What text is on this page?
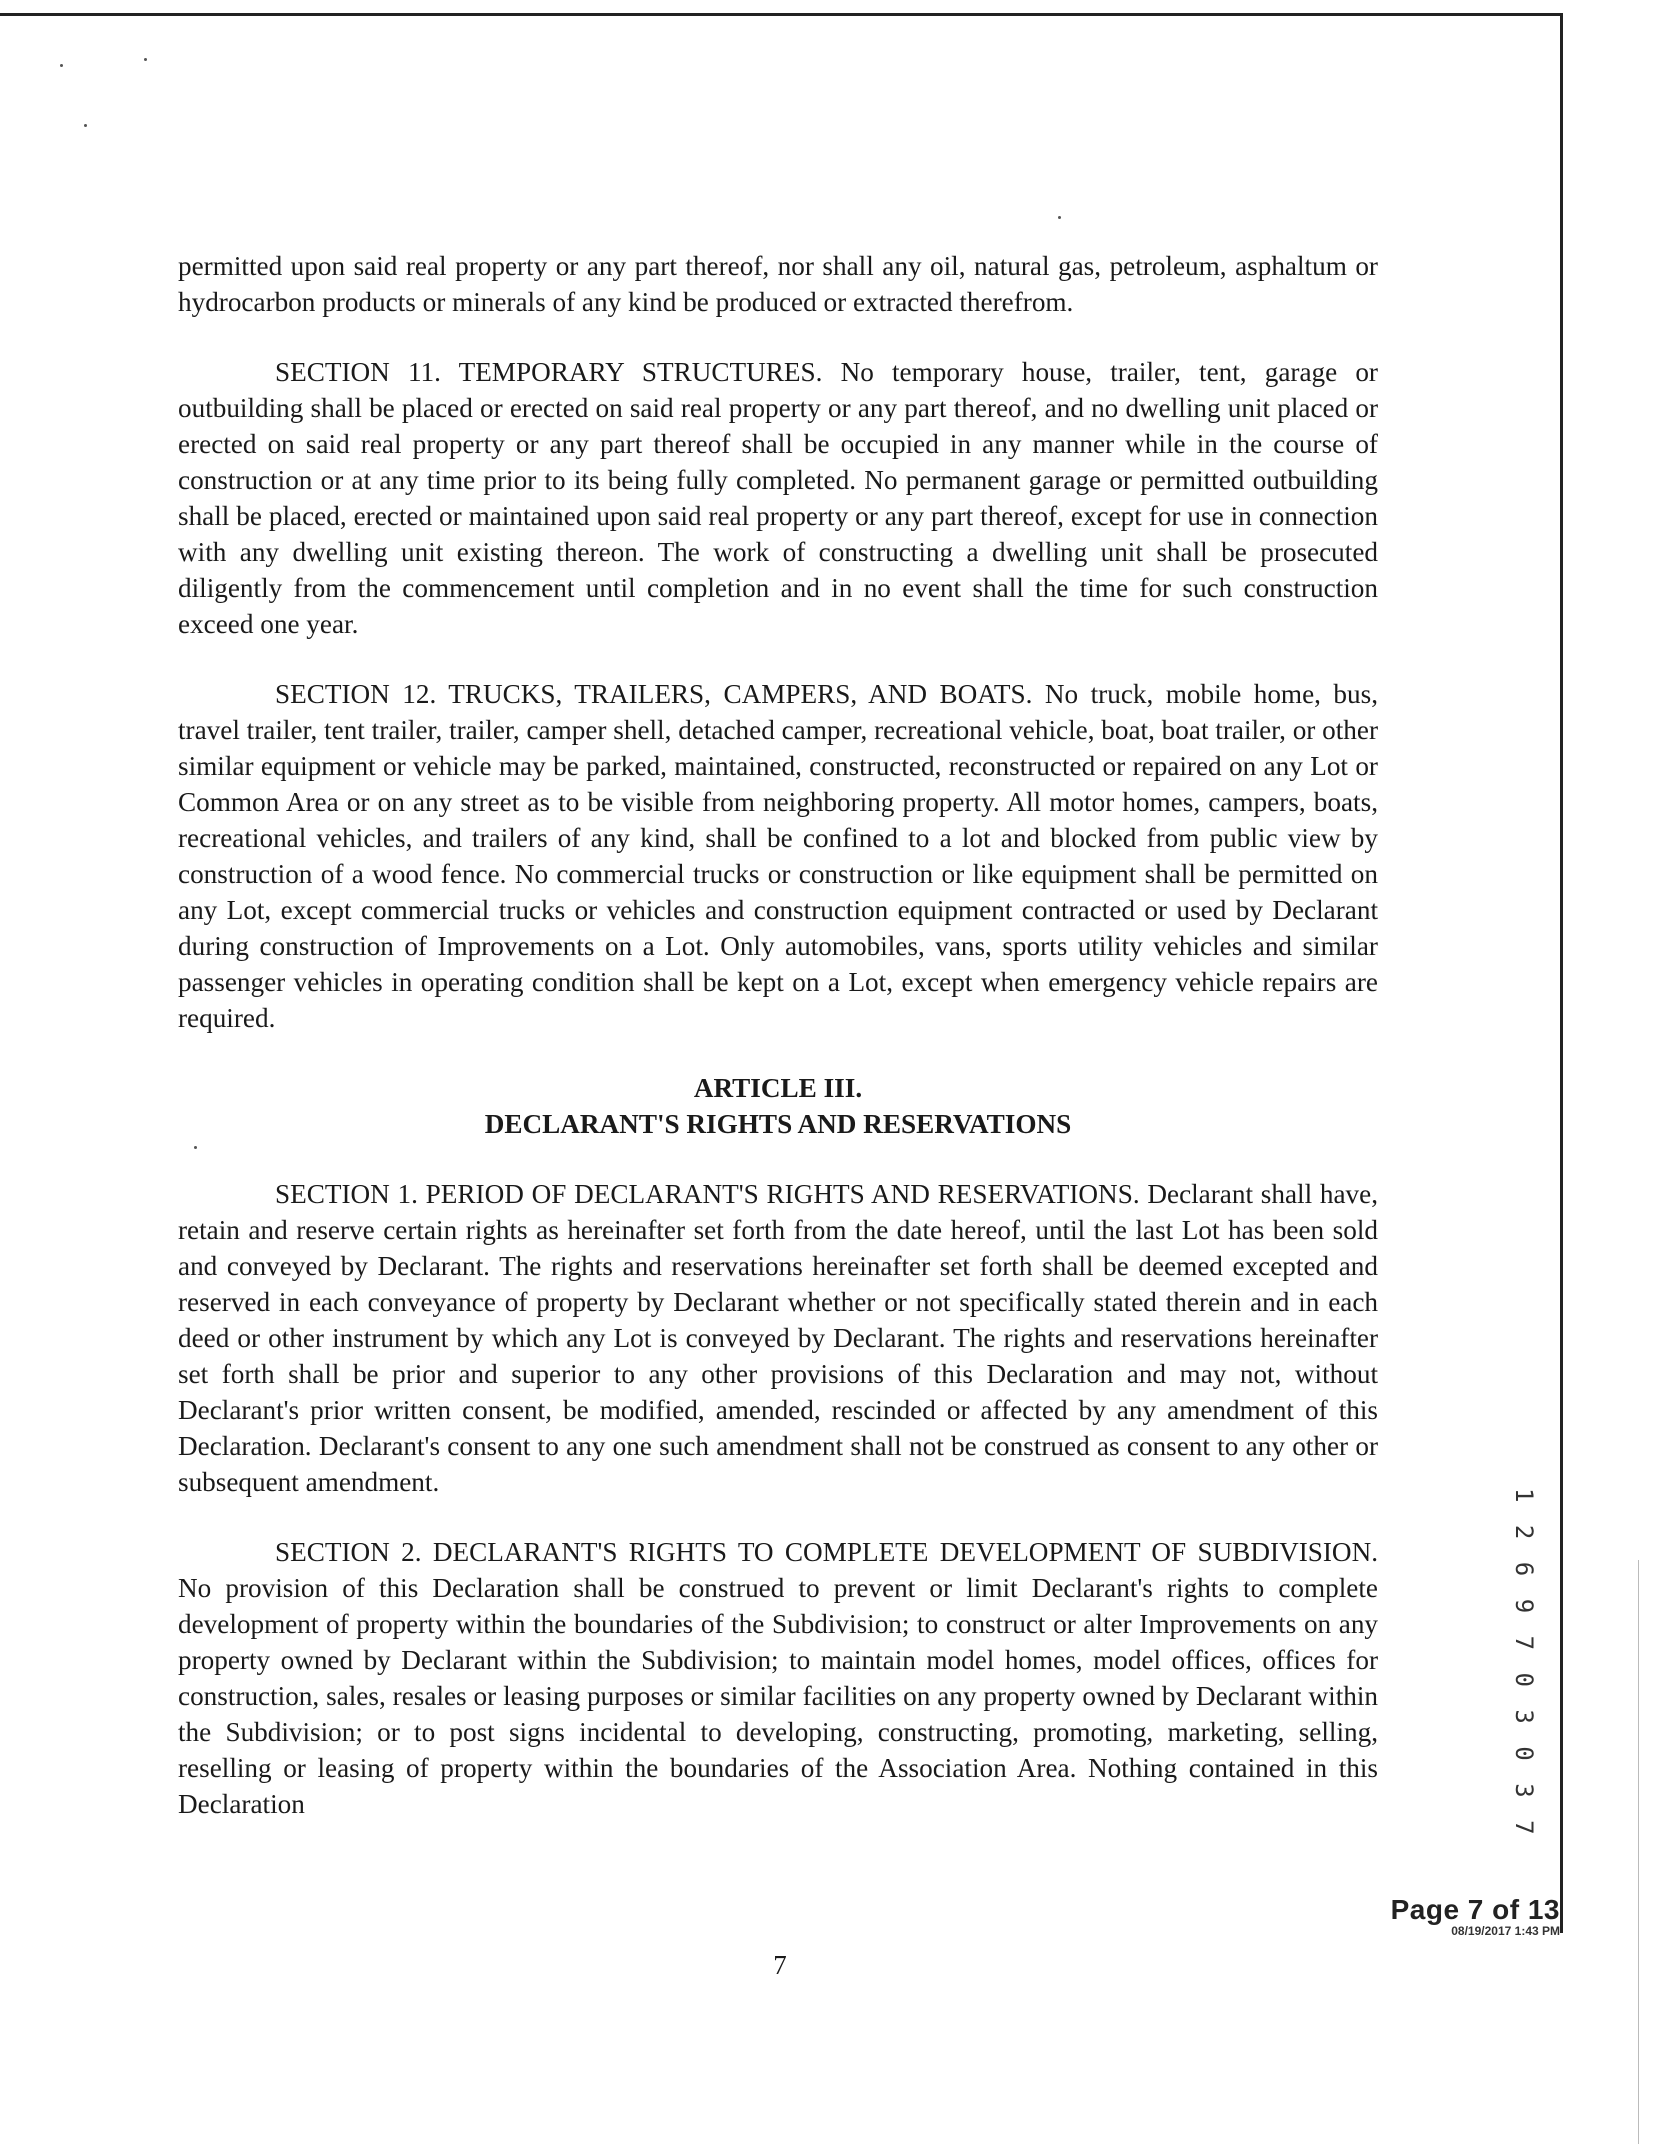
permitted upon said real property or any part thereof, nor shall any oil, natural gas, petroleum, asphaltum or hydrocarbon products or minerals of any kind be produced or extracted therefrom.

SECTION 11. TEMPORARY STRUCTURES. No temporary house, trailer, tent, garage or outbuilding shall be placed or erected on said real property or any part thereof, and no dwelling unit placed or erected on said real property or any part thereof shall be occupied in any manner while in the course of construction or at any time prior to its being fully completed. No permanent garage or permitted outbuilding shall be placed, erected or maintained upon said real property or any part thereof, except for use in connection with any dwelling unit existing thereon. The work of constructing a dwelling unit shall be prosecuted diligently from the commencement until completion and in no event shall the time for such construction exceed one year.

SECTION 12. TRUCKS, TRAILERS, CAMPERS, AND BOATS. No truck, mobile home, bus, travel trailer, tent trailer, trailer, camper shell, detached camper, recreational vehicle, boat, boat trailer, or other similar equipment or vehicle may be parked, maintained, constructed, reconstructed or repaired on any Lot or Common Area or on any street as to be visible from neighboring property. All motor homes, campers, boats, recreational vehicles, and trailers of any kind, shall be confined to a lot and blocked from public view by construction of a wood fence. No commercial trucks or construction or like equipment shall be permitted on any Lot, except commercial trucks or vehicles and construction equipment contracted or used by Declarant during construction of Improvements on a Lot. Only automobiles, vans, sports utility vehicles and similar passenger vehicles in operating condition shall be kept on a Lot, except when emergency vehicle repairs are required.

ARTICLE III.
DECLARANT'S RIGHTS AND RESERVATIONS

SECTION 1. PERIOD OF DECLARANT'S RIGHTS AND RESERVATIONS. Declarant shall have, retain and reserve certain rights as hereinafter set forth from the date hereof, until the last Lot has been sold and conveyed by Declarant. The rights and reservations hereinafter set forth shall be deemed excepted and reserved in each conveyance of property by Declarant whether or not specifically stated therein and in each deed or other instrument by which any Lot is conveyed by Declarant. The rights and reservations hereinafter set forth shall be prior and superior to any other provisions of this Declaration and may not, without Declarant's prior written consent, be modified, amended, rescinded or affected by any amendment of this Declaration. Declarant's consent to any one such amendment shall not be construed as consent to any other or subsequent amendment.

SECTION 2. DECLARANT'S RIGHTS TO COMPLETE DEVELOPMENT OF SUBDIVISION. No provision of this Declaration shall be construed to prevent or limit Declarant's rights to complete development of property within the boundaries of the Subdivision; to construct or alter Improvements on any property owned by Declarant within the Subdivision; to maintain model homes, model offices, offices for construction, sales, resales or leasing purposes or similar facilities on any property owned by Declarant within the Subdivision; or to post signs incidental to developing, constructing, promoting, marketing, selling, reselling or leasing of property within the boundaries of the Association Area. Nothing contained in this Declaration	1 2 6 9 7 0 3 0 3 7
Page 7 of 13
08/19/2017 1:43 PM
7
